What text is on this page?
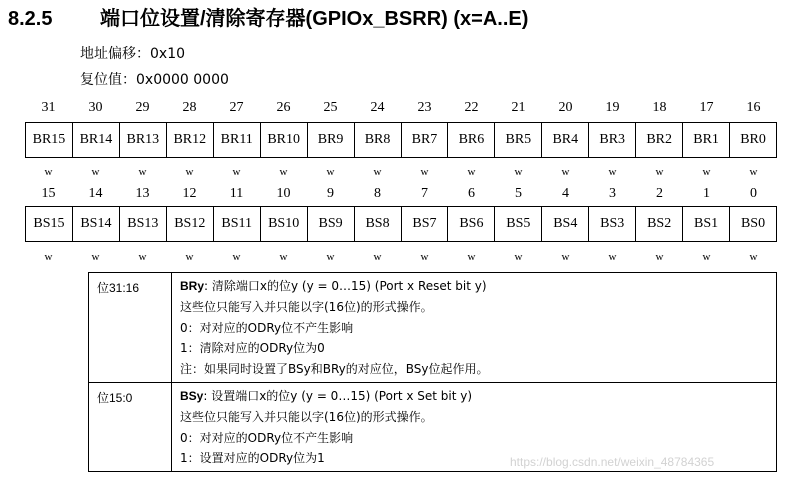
8.2.5 端口位设置/清除寄存器(GPIOx_BSRR) (x=A..E)
地址偏移：0x10
复位值：0x0000 0000
31	30	29	28	27	26	25	24	23	22	21	20	19	18	17	16
BR15	BR14	BR13	BR12	BR11	BR10	BR9	BR8	BR7	BR6	BR5	BR4	BR3	BR2	BR1	BR0
w	w	w	w	w	w	w	w	w	w	w	w	w	w	w	w
15	14	13	12	11	10	9	8	7	6	5	4	3	2	1	0
BS15	BS14	BS13	BS12	BS11	BS10	BS9	BS8	BS7	BS6	BS5	BS4	BS3	BS2	BS1	BS0
w	w	w	w	w	w	w	w	w	w	w	w	w	w	w	w
位31:16	BRy: 清除端口x的位y (y = 0…15) (Port x Reset bit y)
这些位只能写入并只能以字(16位)的形式操作。
0：对对应的ODRy位不产生影响
1：清除对应的ODRy位为0
注：如果同时设置了BSy和BRy的对应位，BSy位起作用。

位15:0	BSy: 设置端口x的位y (y = 0…15) (Port x Set bit y)
这些位只能写入并只能以字(16位)的形式操作。
0：对对应的ODRy位不产生影响
1：设置对应的ODRy位为1	https://blog.csdn.net/weixin_48784365
